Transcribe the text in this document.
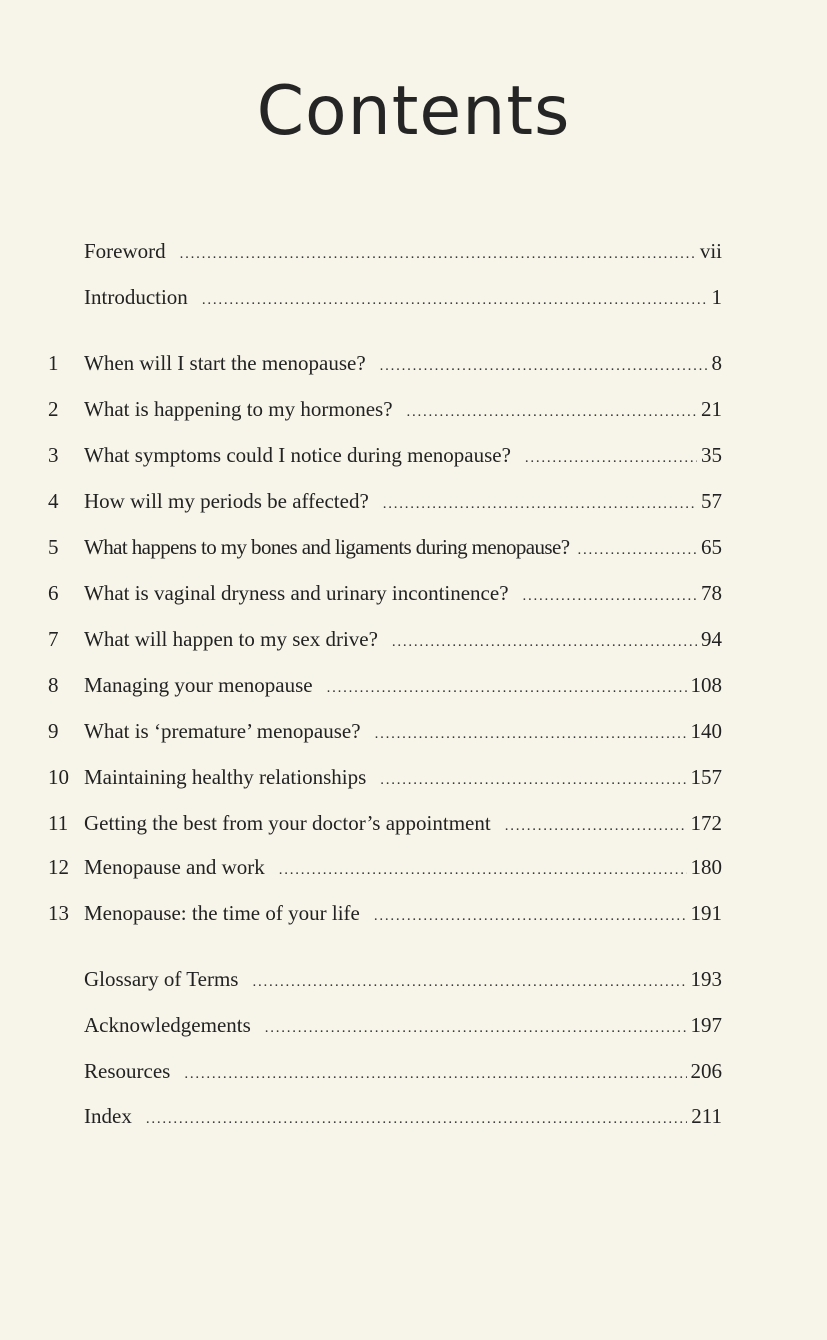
Contents
Foreword . . .	vii
Introduction . . .	1
1	When will I start the menopause? . . .	8
2	What is happening to my hormones? . . .	21
3	What symptoms could I notice during menopause? . . .	35
4	How will my periods be affected? . . .	57
5	What happens to my bones and ligaments during menopause? . . .	65
6	What is vaginal dryness and urinary incontinence? . . .	78
7	What will happen to my sex drive? . . .	94
8	Managing your menopause . . .	108
9	What is ‘premature’ menopause? . . .	140
10 Maintaining healthy relationships . . .	157
11 Getting the best from your doctor’s appointment . . .	172
12 Menopause and work . . .	180
13 Menopause: the time of your life . . .	191
Glossary of Terms . . .	193
Acknowledgements . . .	197
Resources . . .	206
Index . . .	211
